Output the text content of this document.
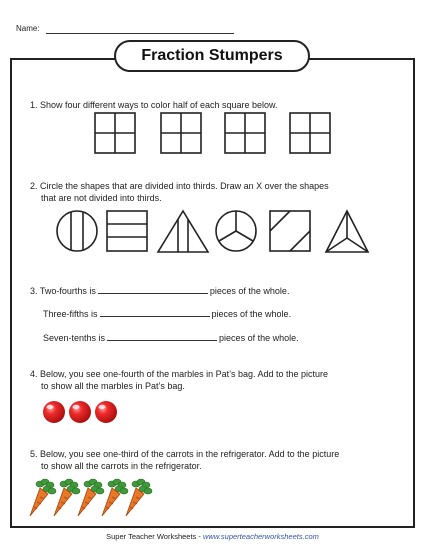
Name:
Fraction Stumpers
1. Show four different ways to color half of each square below.
2. Circle the shapes that are divided into thirds. Draw an X over the shapes
that are not divided into thirds.
3. Two-fourths is	pieces of the whole.
Three-fifths is	pieces of the whole.
Seven-tenths is	pieces of the whole.
4. Below, you see one-fourth of the marbles in Pat’s bag. Add to the picture
to show all the marbles in Pat’s bag.
5. Below, you see one-third of the carrots in the refrigerator. Add to the picture
to show all the carrots in the refrigerator.
Super Teacher Worksheets - www.superteacherworksheets.com
